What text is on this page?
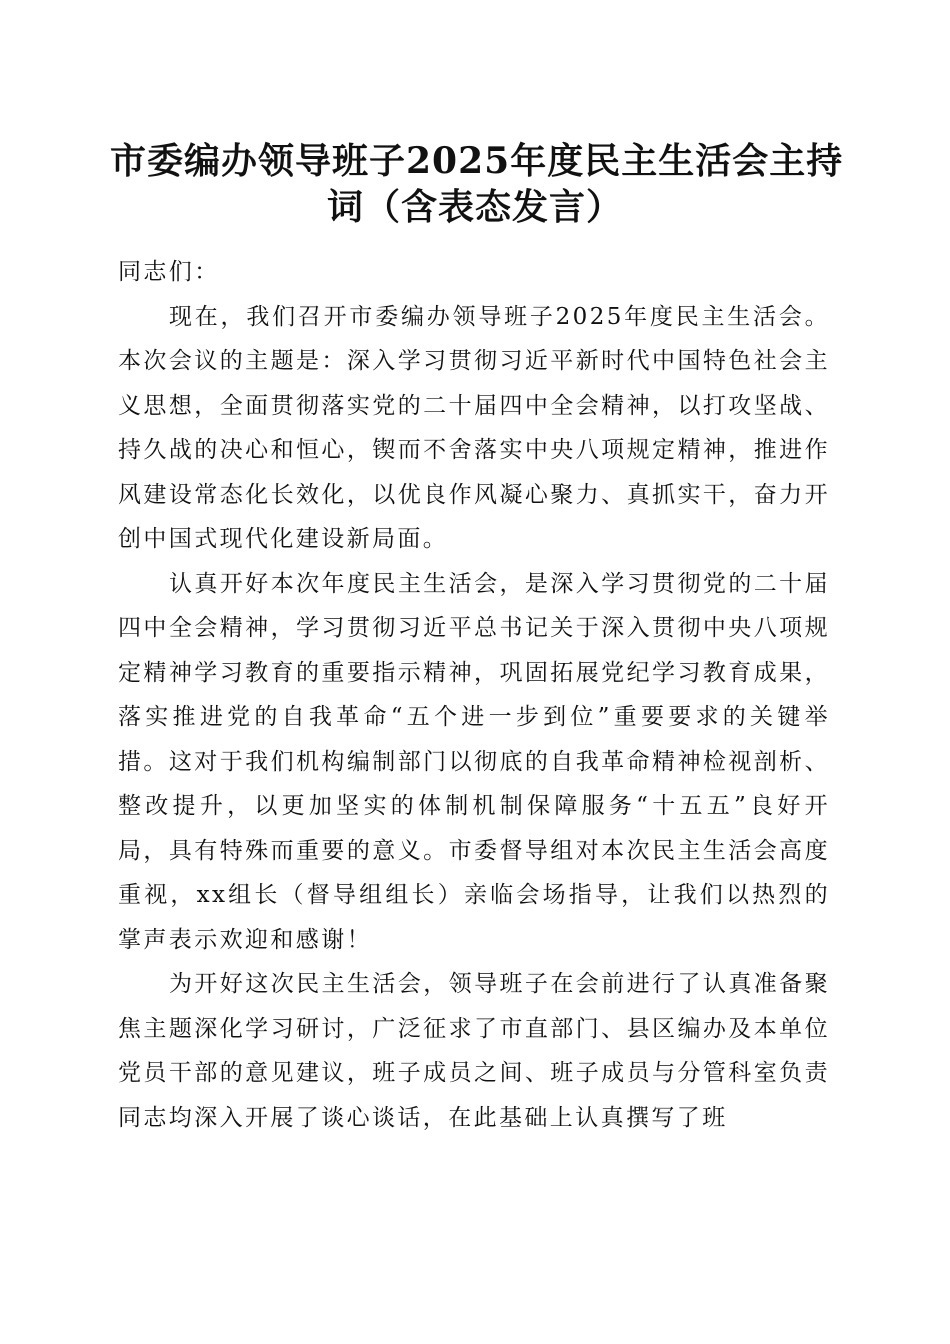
市委编办领导班子2025年度民主生活会主持
词（含表态发言）

同志们：

现在，我们召开市委编办领导班子2025年度民主生活会。本次会议的主题是：深入学习贯彻习近平新时代中国特色社会主义思想，全面贯彻落实党的二十届四中全会精神，以打攻坚战、持久战的决心和恒心，锲而不舍落实中央八项规定精神，推进作风建设常态化长效化，以优良作风凝心聚力、真抓实干，奋力开创中国式现代化建设新局面。

认真开好本次年度民主生活会，是深入学习贯彻党的二十届四中全会精神，学习贯彻习近平总书记关于深入贯彻中央八项规定精神学习教育的重要指示精神，巩固拓展党纪学习教育成果，落实推进党的自我革命“五个进一步到位”重要要求的关键举措。这对于我们机构编制部门以彻底的自我革命精神检视剖析、整改提升，以更加坚实的体制机制保障服务“十五五”良好开局，具有特殊而重要的意义。市委督导组对本次民主生活会高度重视，xx组长（督导组组长）亲临会场指导，让我们以热烈的掌声表示欢迎和感谢！

为开好这次民主生活会，领导班子在会前进行了认真准备聚焦主题深化学习研讨，广泛征求了市直部门、县区编办及本单位党员干部的意见建议，班子成员之间、班子成员与分管科室负责同志均深入开展了谈心谈话，在此基础上认真撰写了班
